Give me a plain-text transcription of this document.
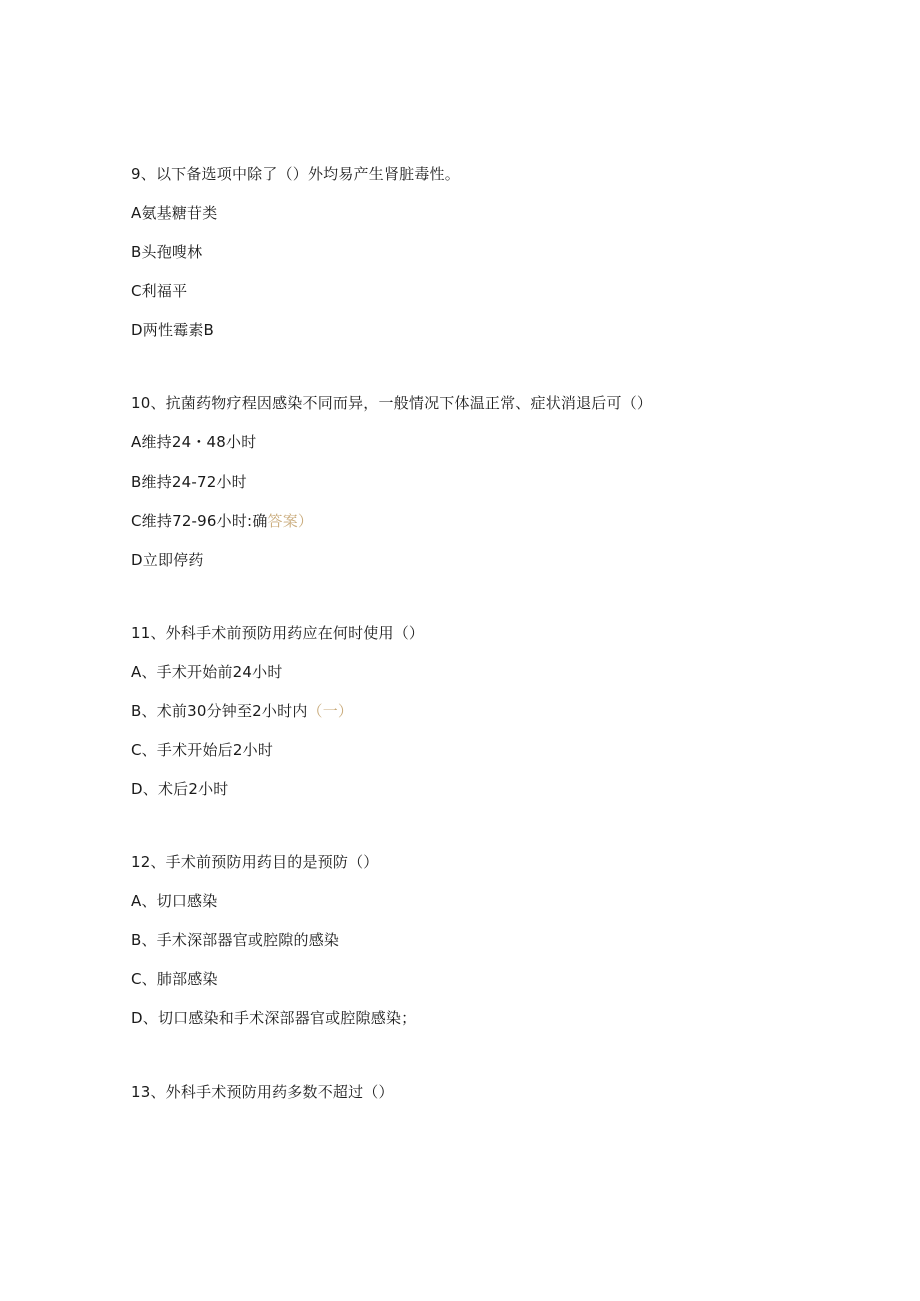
9、以下备选项中除了（）外均易产生肾脏毒性。
A氨基糖苷类
B头孢嗖林
C利福平
D两性霉素B
10、抗菌药物疗程因感染不同而异，一般情况下体温正常、症状消退后可（）
A维持24・48小时
B维持24-72小时
C维持72-96小时:确答案）
D立即停药
11、外科手术前预防用药应在何时使用（）
A、手术开始前24小时
B、术前30分钟至2小时内（一）
C、手术开始后2小时
D、术后2小时
12、手术前预防用药目的是预防（）
A、切口感染
B、手术深部器官或腔隙的感染
C、肺部感染
D、切口感染和手术深部器官或腔隙感染；
13、外科手术预防用药多数不超过（）
